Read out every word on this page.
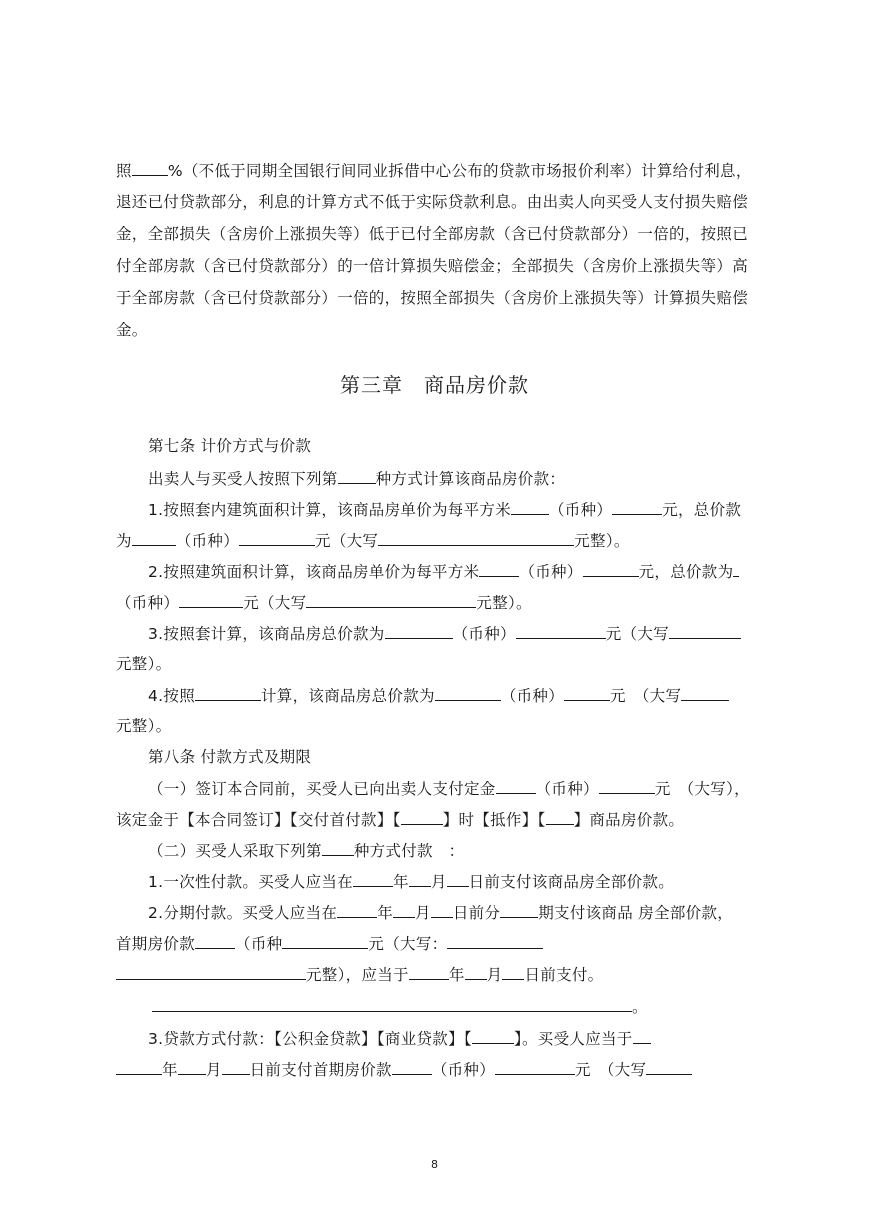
照 %（不低于同期全国银行间同业拆借中心公布的贷款市场报价利率）计算给付利息，
退还已付贷款部分，利息的计算方式不低于实际贷款利息。由出卖人向买受人支付损失赔偿
金，全部损失（含房价上涨损失等）低于已付全部房款（含已付贷款部分）一倍的，按照已
付全部房款（含已付贷款部分）的一倍计算损失赔偿金；全部损失（含房价上涨损失等）高
于全部房款（含已付贷款部分）一倍的，按照全部损失（含房价上涨损失等）计算损失赔偿
金。
第三章　商品房价款
第七条 计价方式与价款
出卖人与买受人按照下列第 种方式计算该商品房价款：
1.按照套内建筑面积计算，该商品房单价为每平方米 （币种）	元，总价款
为	（币种）	元（大写	元整）。
2.按照建筑面积计算，该商品房单价为每平方米	（币种）	元，总价款为
（币种）	元（大写	元整）。
3.按照套计算，该商品房总价款为	（币种）	元（大写
元整）。
4.按照	计算，该商品房总价款为	（币种）	元　（大写
元整）。
第八条 付款方式及期限
（一）签订本合同前，买受人已向出卖人支付定金	（币种）	元　（大写），
该定金于【本合同签订】【交付首付款】【	】时【抵作】【 】商品房价款。
（二）买受人采取下列第 种方式付款　：
1.一次性付款。买受人应当在	年 月 日前支付该商品房全部价款。
2.分期付款。买受人应当在	年 月 日前分 期支付该商品 房全部价款，
首期房价款	（币种	元（大写：
元整），应当于	年 月 日前支付。
。
3.贷款方式付款：【公积金贷款】【商业贷款】【	】。买受人应当于
年 月 日前支付首期房价款	（币种）	元　（大写
8
